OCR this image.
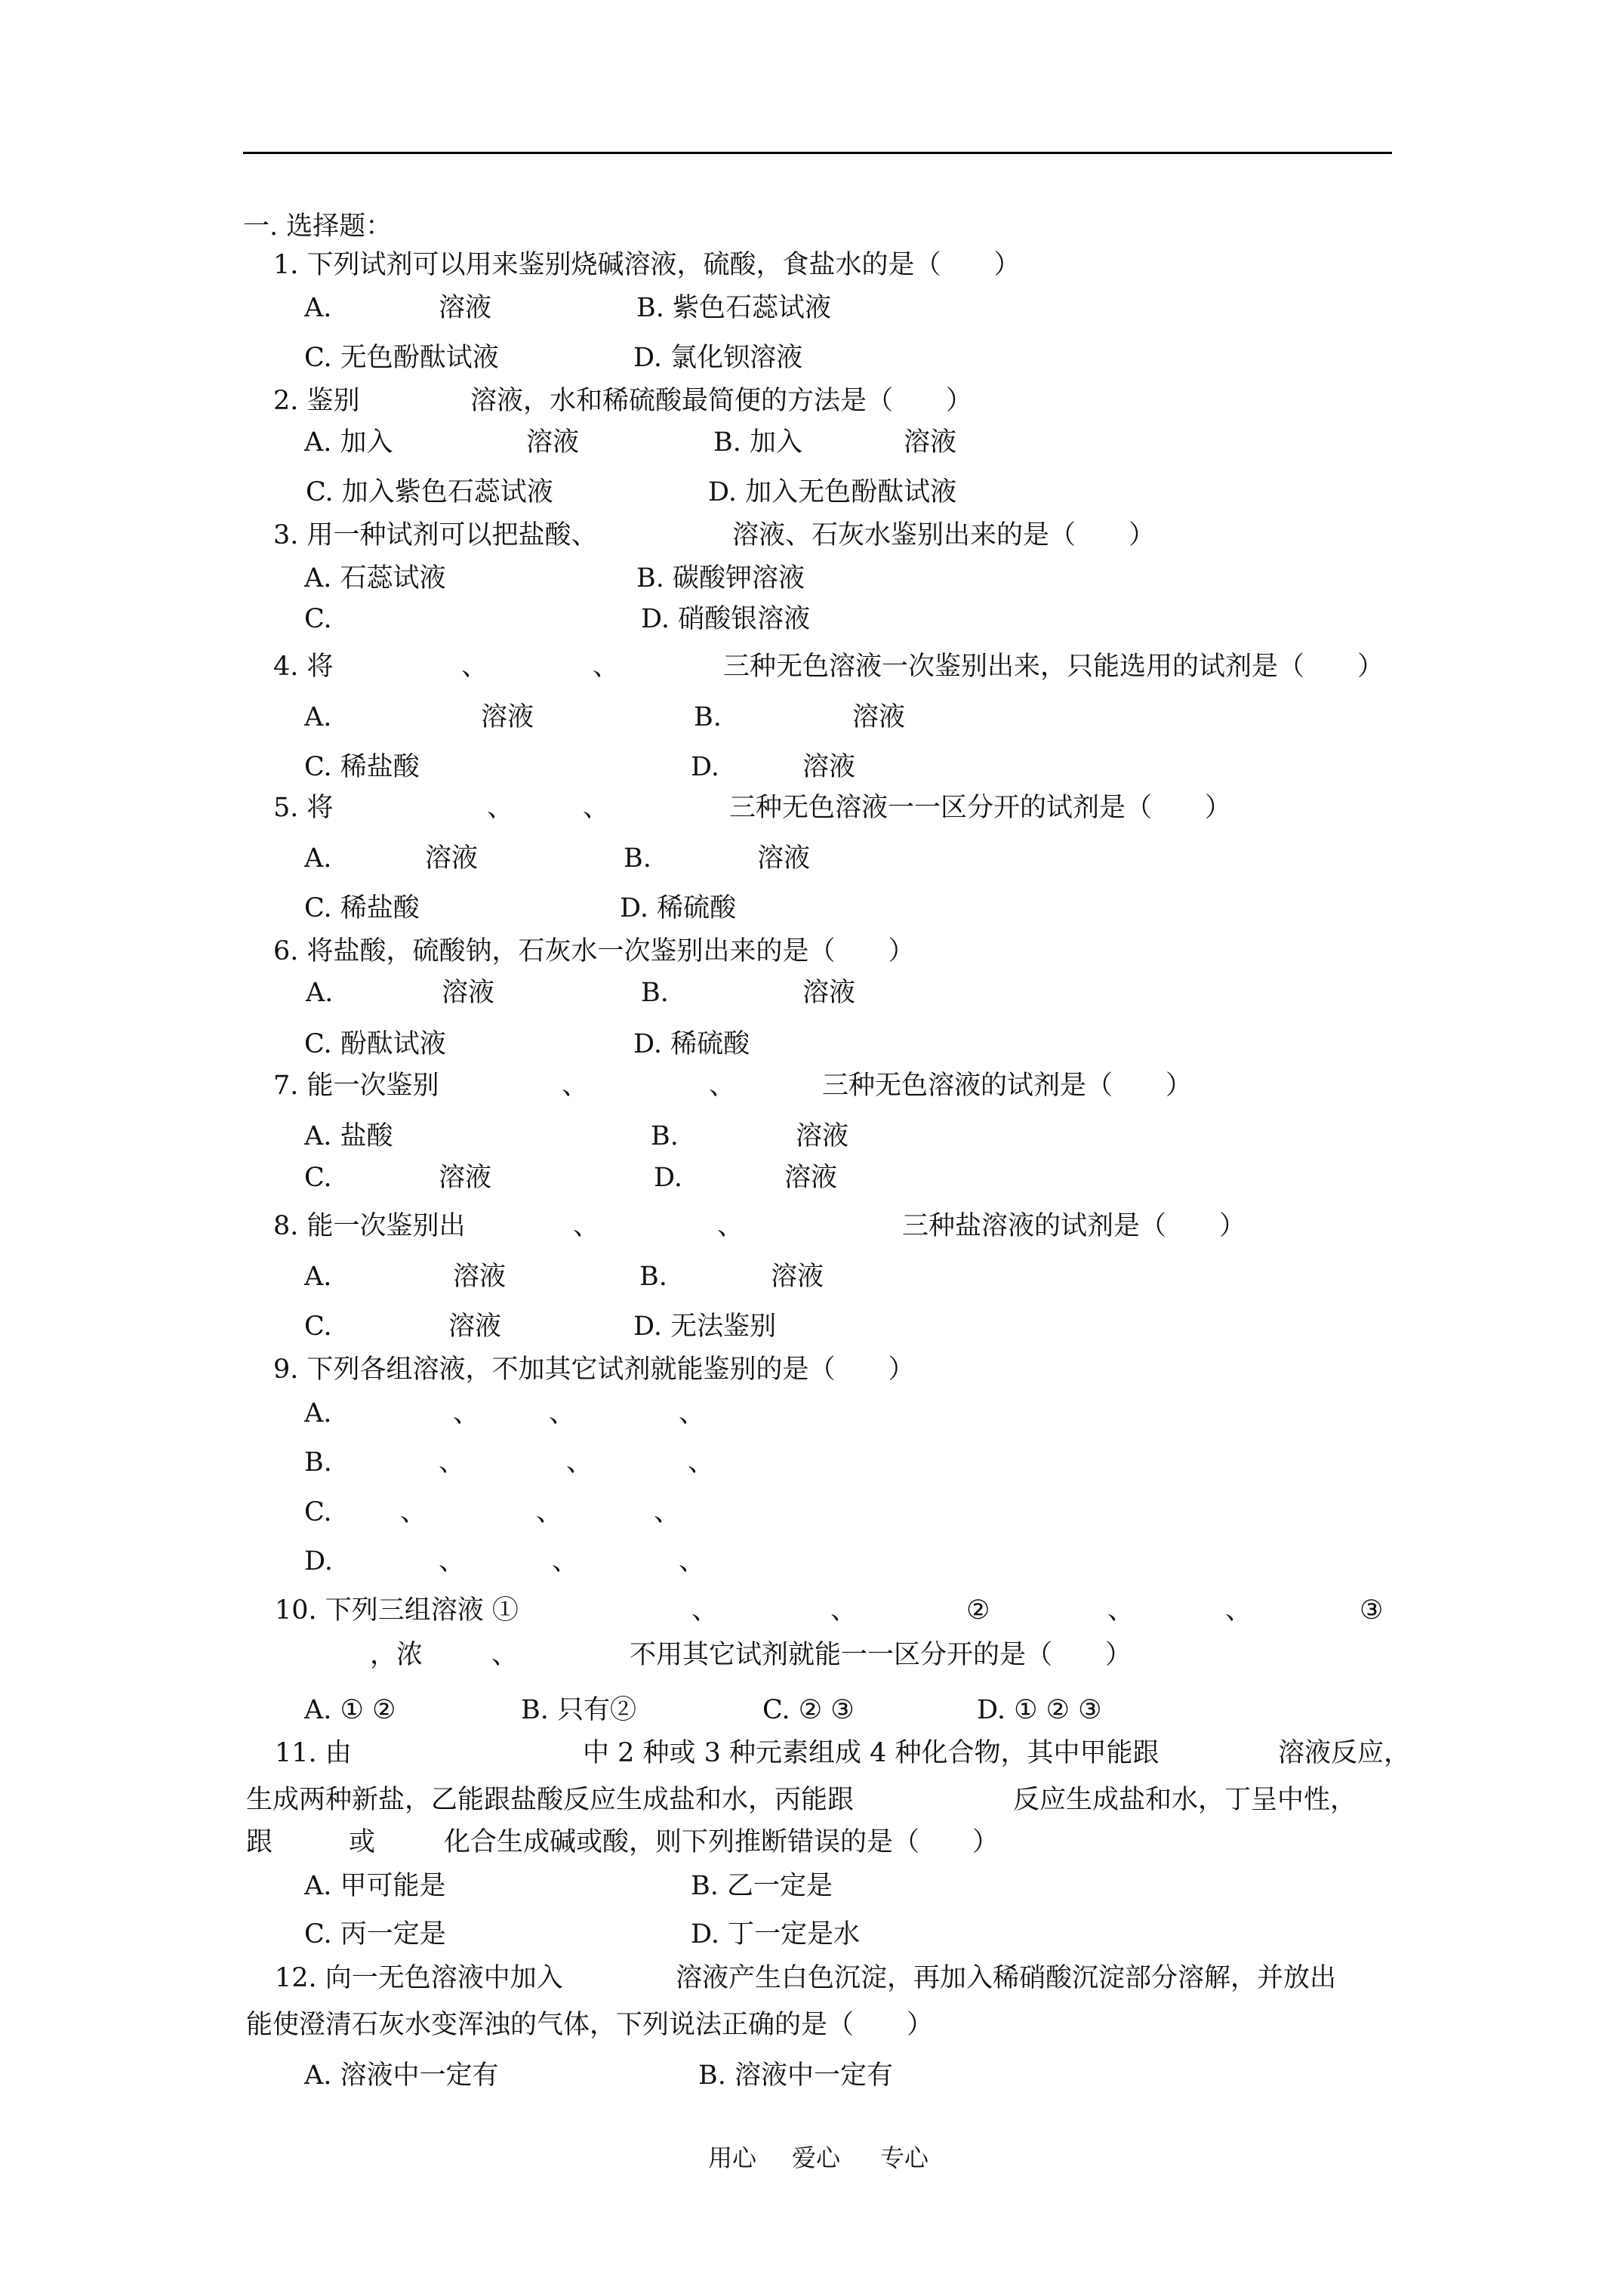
一. 选择题：
1. 下列试剂可以用来鉴别烧碱溶液，硫酸，食盐水的是（　　）
A.	溶液	B. 紫色石蕊试液
C. 无色酚酞试液	D. 氯化钡溶液
2. 鉴别	溶液，水和稀硫酸最简便的方法是（　　）
A. 加入	溶液	B. 加入	溶液
C. 加入紫色石蕊试液	D. 加入无色酚酞试液
3. 用一种试剂可以把盐酸、	溶液、石灰水鉴别出来的是（　　）
A. 石蕊试液	B. 碳酸钾溶液
C.	D. 硝酸银溶液
4. 将	、	、	三种无色溶液一次鉴别出来，只能选用的试剂是（　　）
A.	溶液	B.	溶液
C. 稀盐酸	D.	溶液
5. 将	、	、	三种无色溶液一一区分开的试剂是（　　）
A.	溶液	B.	溶液
C. 稀盐酸	D. 稀硫酸
6. 将盐酸，硫酸钠，石灰水一次鉴别出来的是（　　）
A.	溶液	B.	溶液
C. 酚酞试液	D. 稀硫酸
7. 能一次鉴别	、	、	三种无色溶液的试剂是（　　）
A. 盐酸	B.	溶液
C.	溶液	D.	溶液
8. 能一次鉴别出	、	、	三种盐溶液的试剂是（　　）
A.	溶液	B.	溶液
C.	溶液	D. 无法鉴别
9. 下列各组溶液，不加其它试剂就能鉴别的是（　　）
A.	、	、	、
B.	、	、	、
C.	、	、	、
D.	、	、	、
10. 下列三组溶液 ①	、	、	②	、	、	③
，浓	、	不用其它试剂就能一一区分开的是（　　）
A. ① ②	B. 只有②	C. ② ③	D. ① ② ③
11. 由	中 2 种或 3 种元素组成 4 种化合物，其中甲能跟	溶液反应，
生成两种新盐，乙能跟盐酸反应生成盐和水，丙能跟	反应生成盐和水，丁呈中性，
跟	或	化合生成碱或酸，则下列推断错误的是（　　）
A. 甲可能是	B. 乙一定是
C. 丙一定是	D. 丁一定是水
12. 向一无色溶液中加入	溶液产生白色沉淀，再加入稀硝酸沉淀部分溶解，并放出
能使澄清石灰水变浑浊的气体，下列说法正确的是（　　）
A. 溶液中一定有	B. 溶液中一定有
用心 爱心 专心
